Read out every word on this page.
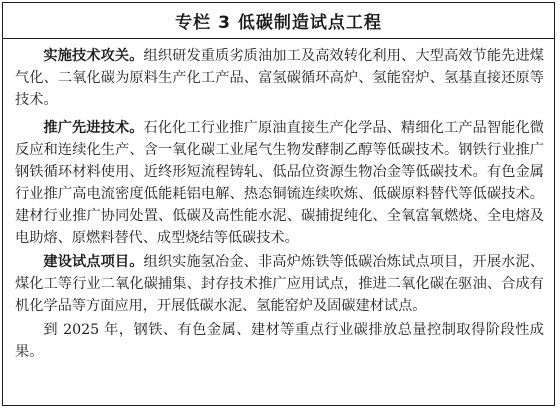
专栏 3 低碳制造试点工程

实施技术攻关。组织研发重质劣质油加工及高效转化利用、大型高效节能先进煤气化、二氧化碳为原料生产化工产品、富氢碳循环高炉、氢能窑炉、氢基直接还原等技术。

推广先进技术。石化化工行业推广原油直接生产化学品、精细化工产品智能化微反应和连续化生产、含一氧化碳工业尾气生物发酵制乙醇等低碳技术。钢铁行业推广钢铁循环材料使用、近终形短流程铸轧、低品位资源生物冶金等低碳技术。有色金属行业推广高电流密度低能耗铝电解、热态铜锍连续吹炼、低碳原料替代等低碳技术。建材行业推广协同处置、低碳及高性能水泥、碳捕捉纯化、全氧富氧燃烧、全电熔及电助熔、原燃料替代、成型烧结等低碳技术。

建设试点项目。组织实施氢冶金、非高炉炼铁等低碳冶炼试点项目，开展水泥、煤化工等行业二氧化碳捕集、封存技术推广应用试点，推进二氧化碳在驱油、合成有机化学品等方面应用，开展低碳水泥、氢能窑炉及固碳建材试点。

到 2025 年，钢铁、有色金属、建材等重点行业碳排放总量控制取得阶段性成果。
